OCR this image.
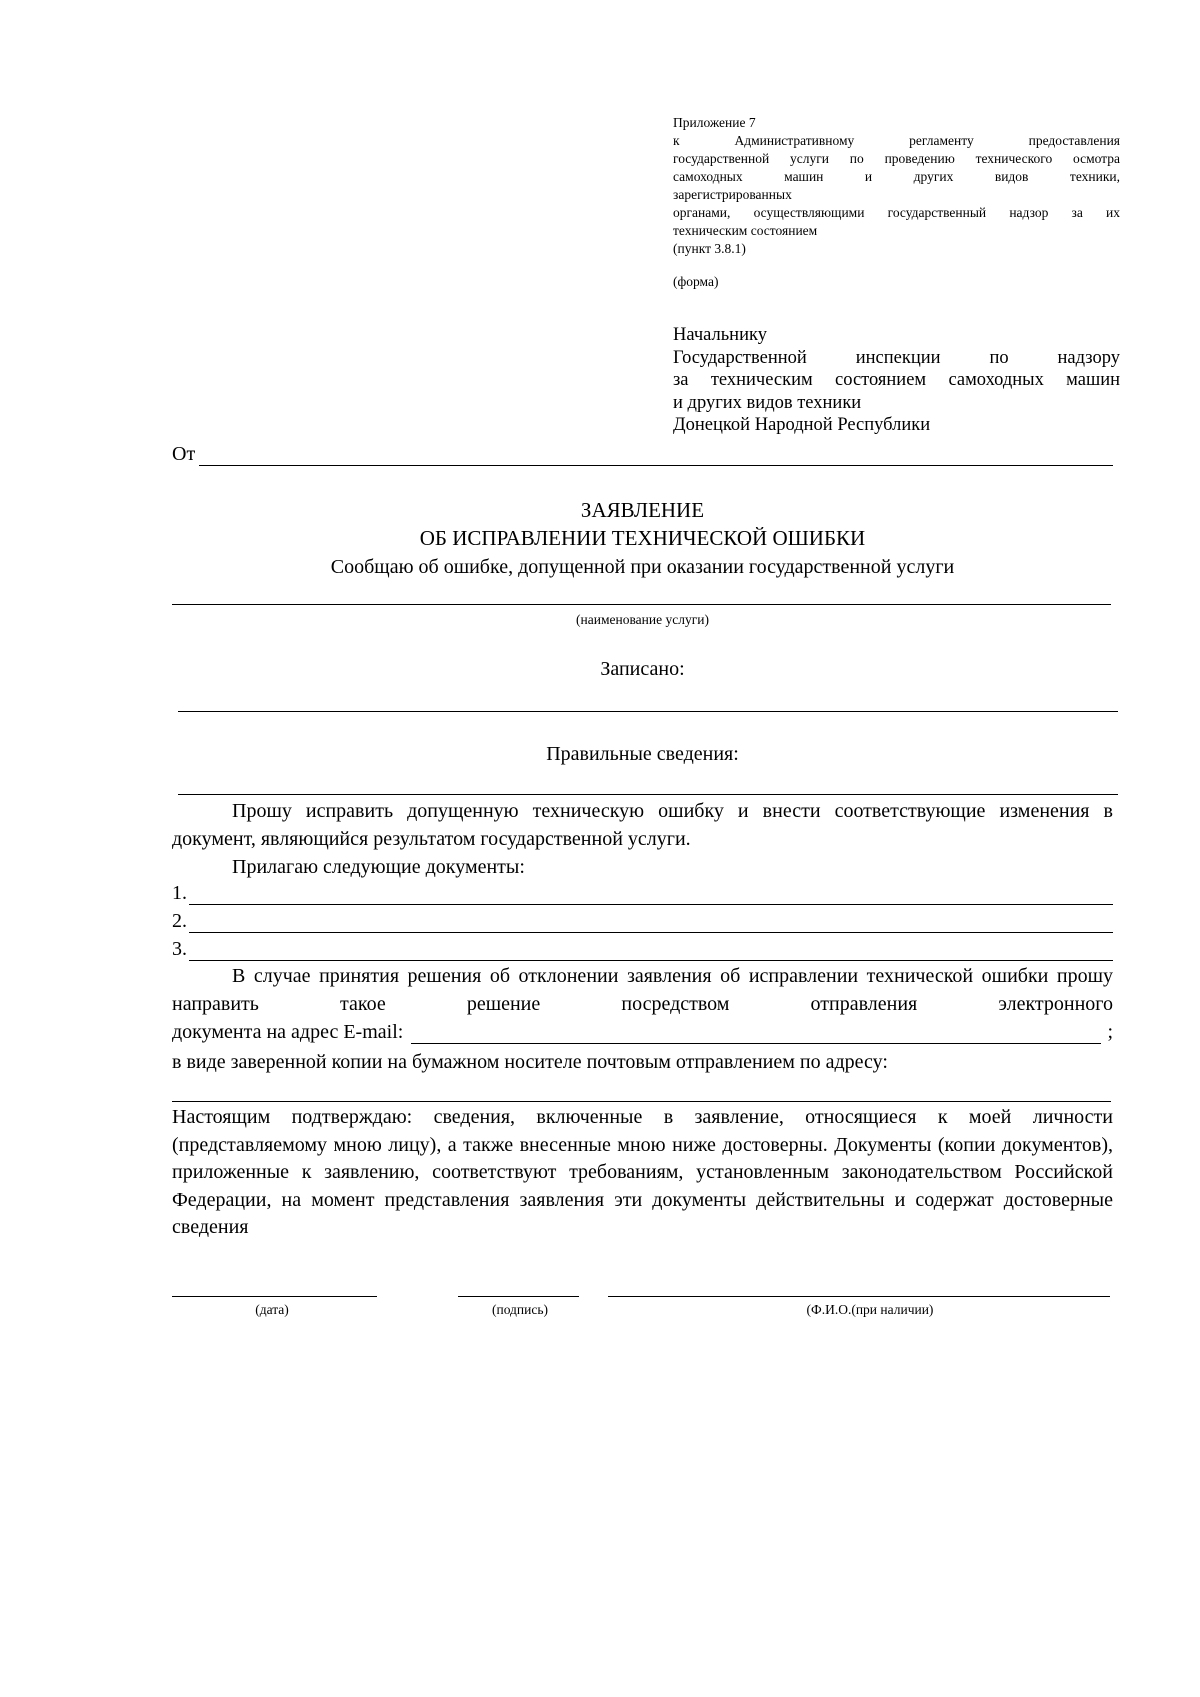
Приложение 7
к Административному регламенту предоставления
государственной услуги по проведению технического осмотра
самоходных машин и других видов техники,
зарегистрированных
органами, осуществляющими государственный надзор за их
техническим состоянием
(пункт 3.8.1)
(форма)
Начальнику
Государственной инспекции по надзору
за техническим состоянием самоходных машин
и других видов техники
Донецкой Народной Республики
От
ЗАЯВЛЕНИЕ
ОБ ИСПРАВЛЕНИИ ТЕХНИЧЕСКОЙ ОШИБКИ
Сообщаю об ошибке, допущенной при оказании государственной услуги
(наименование услуги)
Записано:
Правильные сведения:
Прошу исправить допущенную техническую ошибку и внести соответствующие изменения в документ, являющийся результатом государственной услуги.
Прилагаю следующие документы:
1.
2.
3.
В случае принятия решения об отклонении заявления об исправлении технической ошибки прошу направить такое решение посредством отправления электронного
документа на адрес E-mail:	;
в виде заверенной копии на бумажном носителе почтовым отправлением по адресу:
Настоящим подтверждаю: сведения, включенные в заявление, относящиеся к моей личности (представляемому мною лицу), а также внесенные мною ниже достоверны. Документы (копии документов), приложенные к заявлению, соответствуют требованиям, установленным законодательством Российской Федерации, на момент представления заявления эти документы действительны и содержат достоверные сведения
(дата)	(подпись)	(Ф.И.О.(при наличии)
